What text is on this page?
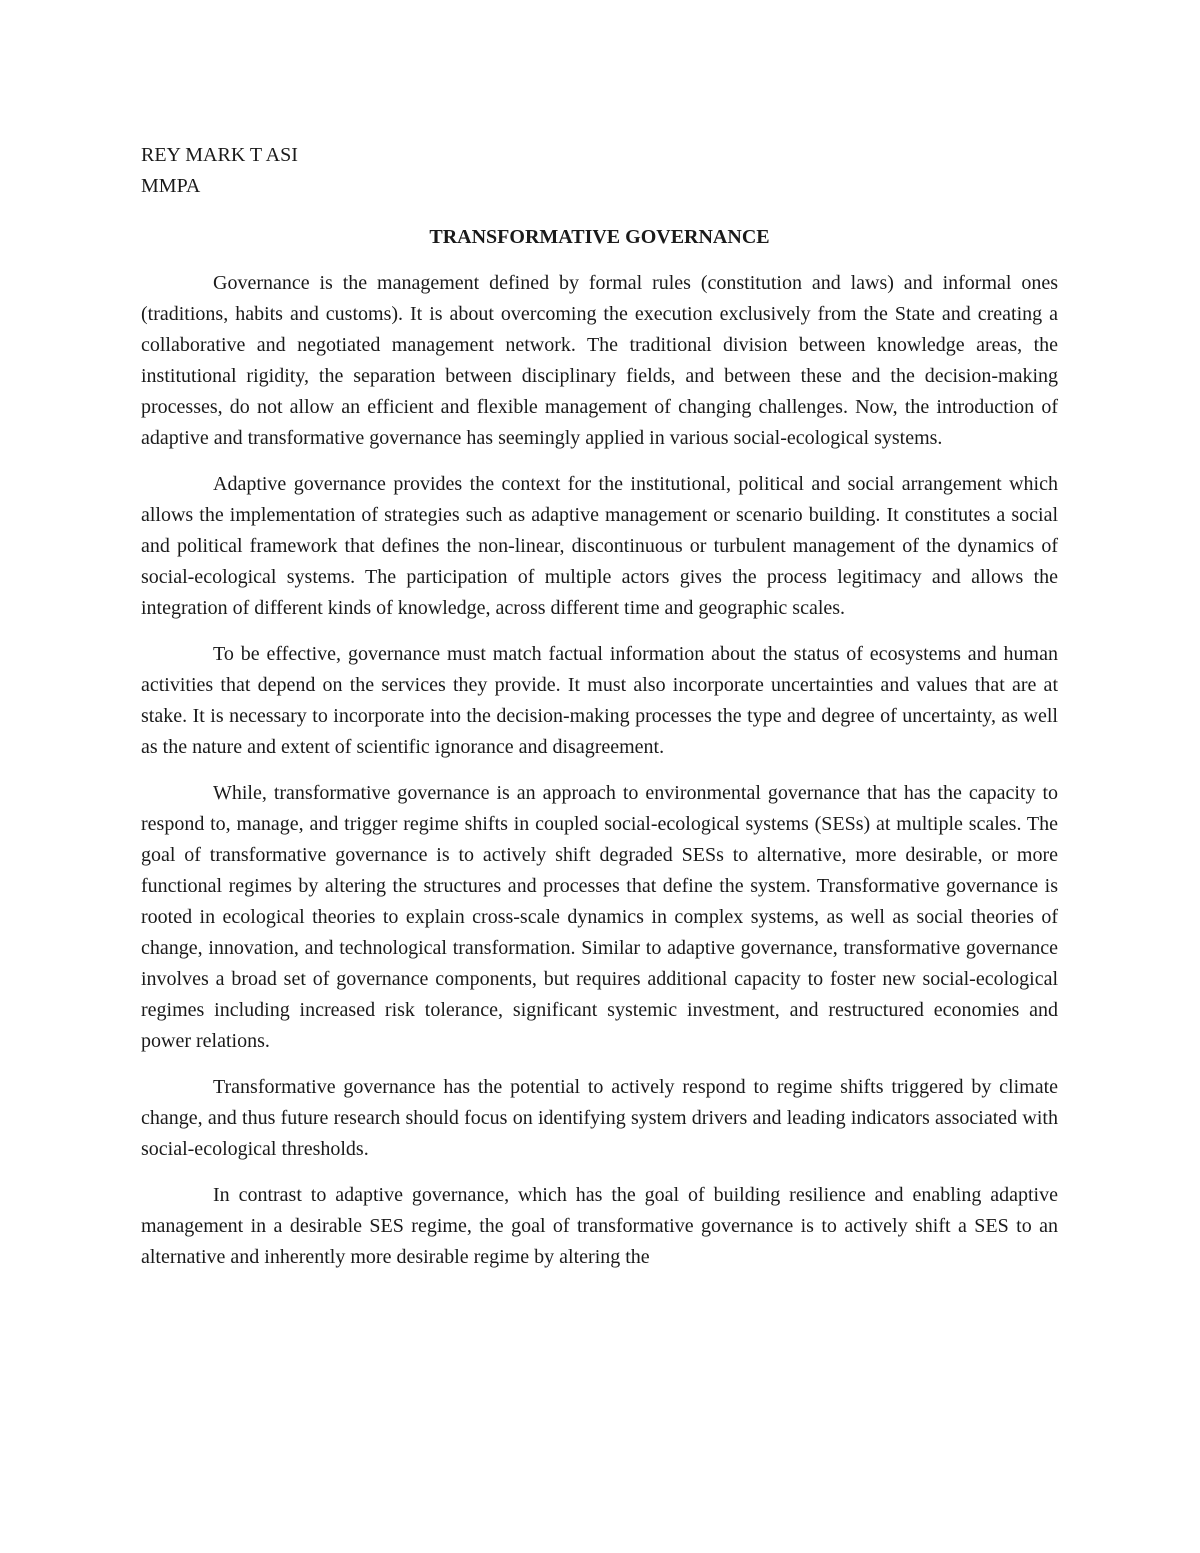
REY MARK T ASI

MMPA

TRANSFORMATIVE GOVERNANCE

Governance is the management defined by formal rules (constitution and laws) and informal ones (traditions, habits and customs). It is about overcoming the execution exclusively from the State and creating a collaborative and negotiated management network. The traditional division between knowledge areas, the institutional rigidity, the separation between disciplinary fields, and between these and the decision-making processes, do not allow an efficient and flexible management of changing challenges. Now, the introduction of adaptive and transformative governance has seemingly applied in various social-ecological systems.

Adaptive governance provides the context for the institutional, political and social arrangement which allows the implementation of strategies such as adaptive management or scenario building. It constitutes a social and political framework that defines the non-linear, discontinuous or turbulent management of the dynamics of social-ecological systems. The participation of multiple actors gives the process legitimacy and allows the integration of different kinds of knowledge, across different time and geographic scales.

To be effective, governance must match factual information about the status of ecosystems and human activities that depend on the services they provide. It must also incorporate uncertainties and values that are at stake. It is necessary to incorporate into the decision-making processes the type and degree of uncertainty, as well as the nature and extent of scientific ignorance and disagreement.

While, transformative governance is an approach to environmental governance that has the capacity to respond to, manage, and trigger regime shifts in coupled social-ecological systems (SESs) at multiple scales. The goal of transformative governance is to actively shift degraded SESs to alternative, more desirable, or more functional regimes by altering the structures and processes that define the system. Transformative governance is rooted in ecological theories to explain cross-scale dynamics in complex systems, as well as social theories of change, innovation, and technological transformation. Similar to adaptive governance, transformative governance involves a broad set of governance components, but requires additional capacity to foster new social-ecological regimes including increased risk tolerance, significant systemic investment, and restructured economies and power relations.

Transformative governance has the potential to actively respond to regime shifts triggered by climate change, and thus future research should focus on identifying system drivers and leading indicators associated with social-ecological thresholds.

In contrast to adaptive governance, which has the goal of building resilience and enabling adaptive management in a desirable SES regime, the goal of transformative governance is to actively shift a SES to an alternative and inherently more desirable regime by altering the
